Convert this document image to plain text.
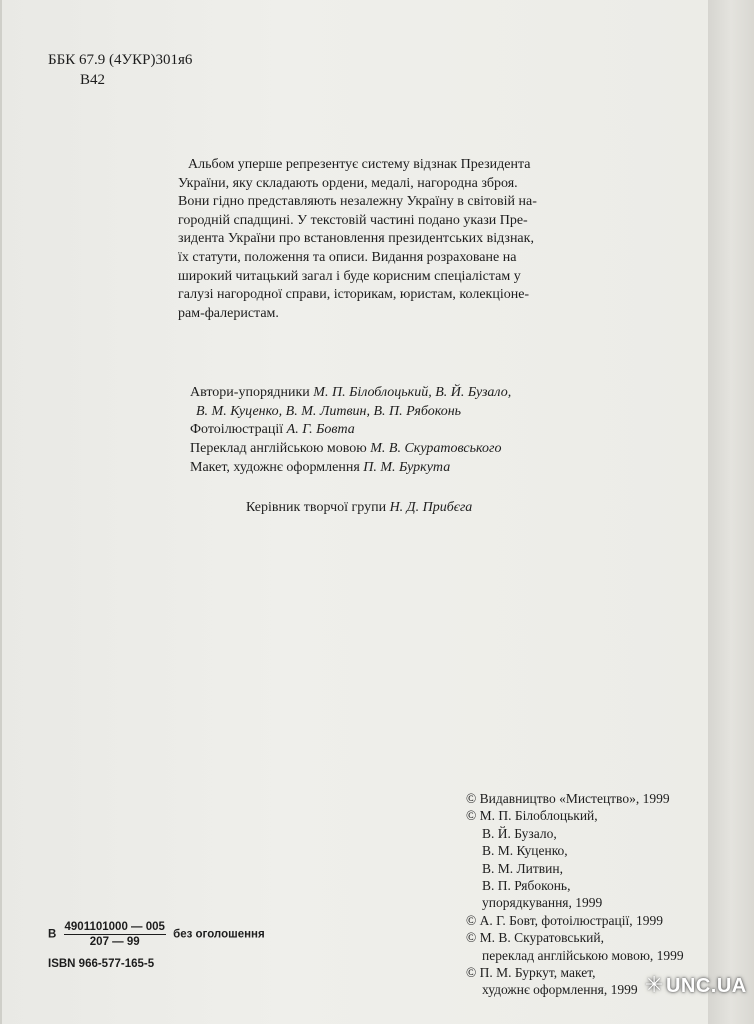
ББК 67.9 (4УКР)301я6
В42
Альбом уперше репрезентує систему відзнак Президента
України, яку складають ордени, медалі, нагородна зброя.
Вони гідно представляють незалежну Україну в світовій на-
городній спадщині. У текстовій частині подано укази Пре-
зидента України про встановлення президентських відзнак,
їх статути, положення та описи. Видання розраховане на
широкий читацький загал і буде корисним спеціалістам у
галузі нагородної справи, історикам, юристам, колекціоне-
рам-фалеристам.
Автори-упорядники М. П. Білоблоцький, В. Й. Бузало,
В. М. Куценко, В. М. Литвин, В. П. Рябоконь
Фотоілюстрації А. Г. Бовта
Переклад англійською мовою М. В. Скуратовського
Макет, художнє оформлення П. М. Буркута
Керівник творчої групи Н. Д. Прибєга
© Видавництво «Мистецтво», 1999
© М. П. Білоблоцький,
В. Й. Бузало,
В. М. Куценко,
В. М. Литвин,
В. П. Рябоконь,
упорядкування, 1999
© А. Г. Бовт, фотоілюстрації, 1999
© М. В. Скуратовський,
переклад англійською мовою, 1999
© П. М. Буркут, макет,
художнє оформлення, 1999
В $\frac{4901101000 — 005}{207 — 99}$ без оголошення
ISBN 966-577-165-5
✳ UNC.UA
